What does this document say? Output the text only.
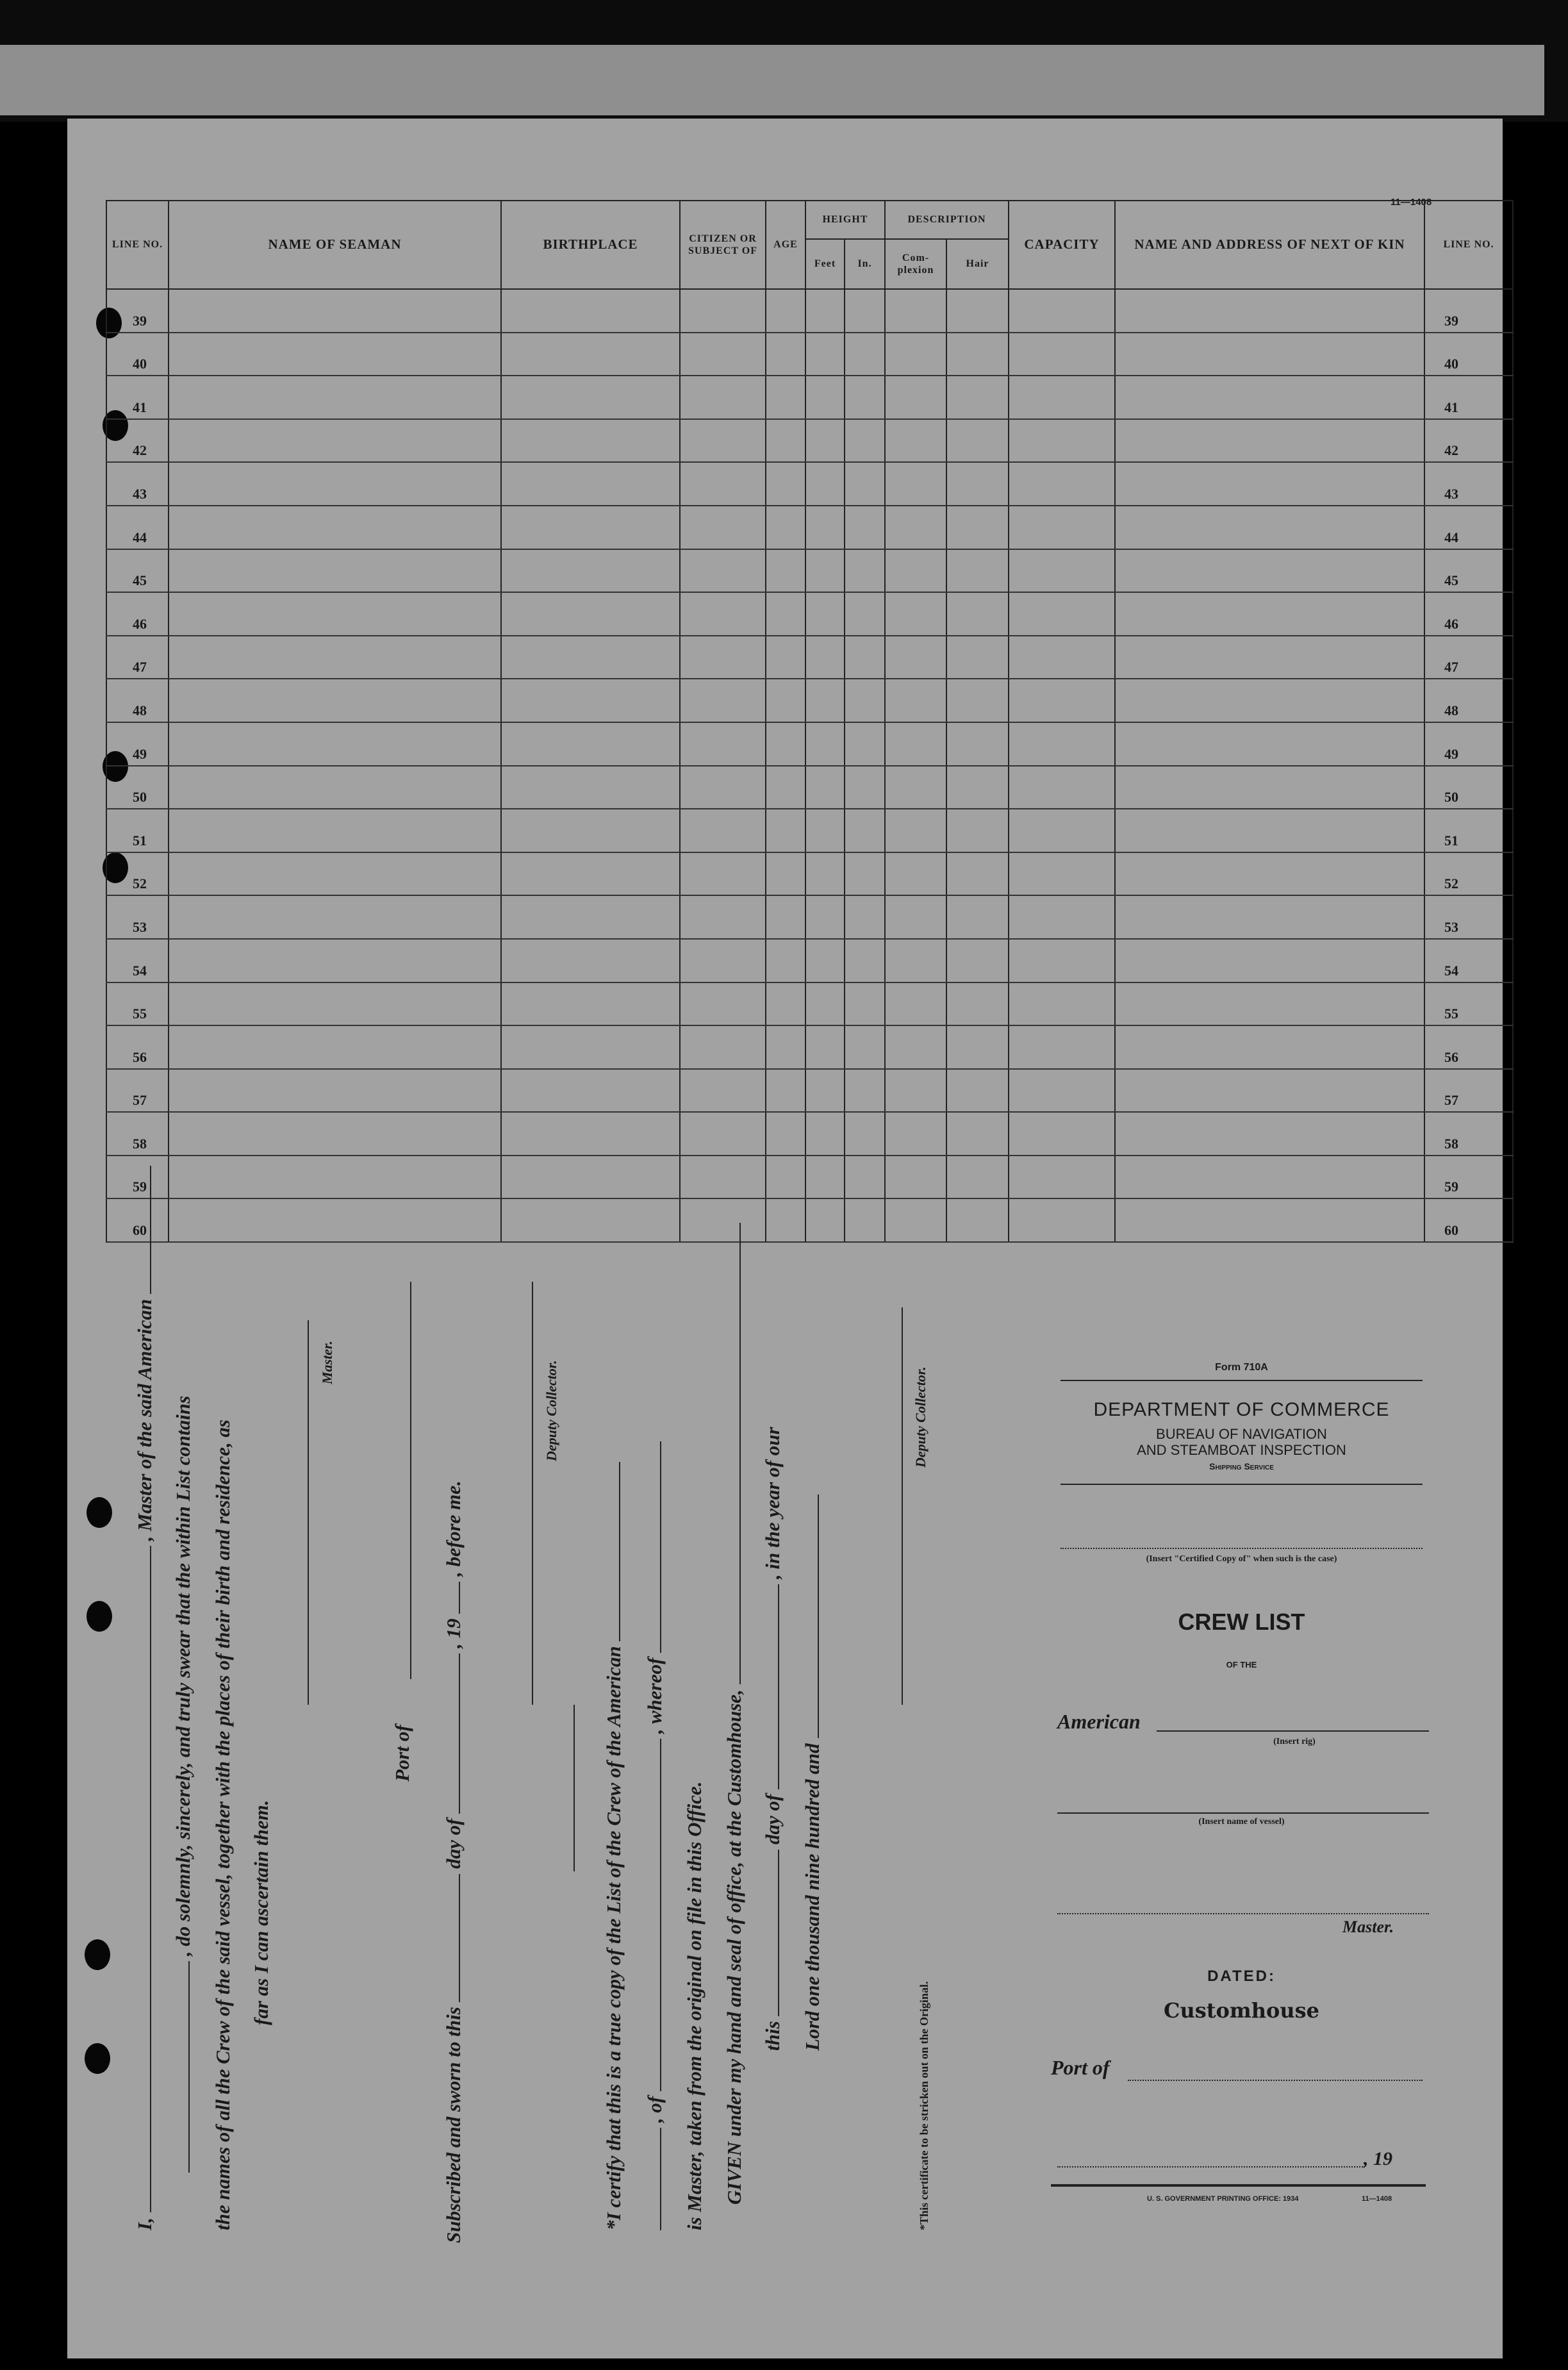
11—1408
LINE NO.	NAME OF SEAMAN	BIRTHPLACE	CITIZEN OR SUBJECT OF	AGE	HEIGHT		DESCRIPTION		CAPACITY	NAME AND ADDRESS OF NEXT OF KIN	LINE NO.
					Feet	In.	Com- plexion	Hair			
39											39
40											40
41											41
42											42
43											43
44											44
45											45
46											46
47											47
48											48
49											49
50											50
51											51
52											52
53											53
54											54
55											55
56											56
57											57
58											58
59											59
60											60
I,  , Master of the said American , do solemnly, sincerely, and truly swear that the within List contains the names of all the Crew of the said vessel, together with the places of their birth and residence, as far as I can ascertain them.
Master.
Port of
Subscribed and sworn to this  day of  , 19  , before me.
Deputy Collector.
*I certify that this is a true copy of the List of the Crew of the American , of  , whereof
is Master, taken from the original on file in this Office. GIVEN under my hand and seal of office, at the Customhouse, this  day of  , in the year of our
Lord one thousand nine hundred and
Deputy Collector.
*This certificate to be stricken out on the Original.
Form 710A
DEPARTMENT OF COMMERCE
BUREAU OF NAVIGATION
AND STEAMBOAT INSPECTION
Shipping Service
(Insert "Certified Copy of" when such is the case)
CREW LIST
OF THE
American
(Insert rig)
(Insert name of vessel)
Master.
DATED:
Customhouse
Port of
, 19
U. S. GOVERNMENT PRINTING OFFICE: 1934	11—1408
